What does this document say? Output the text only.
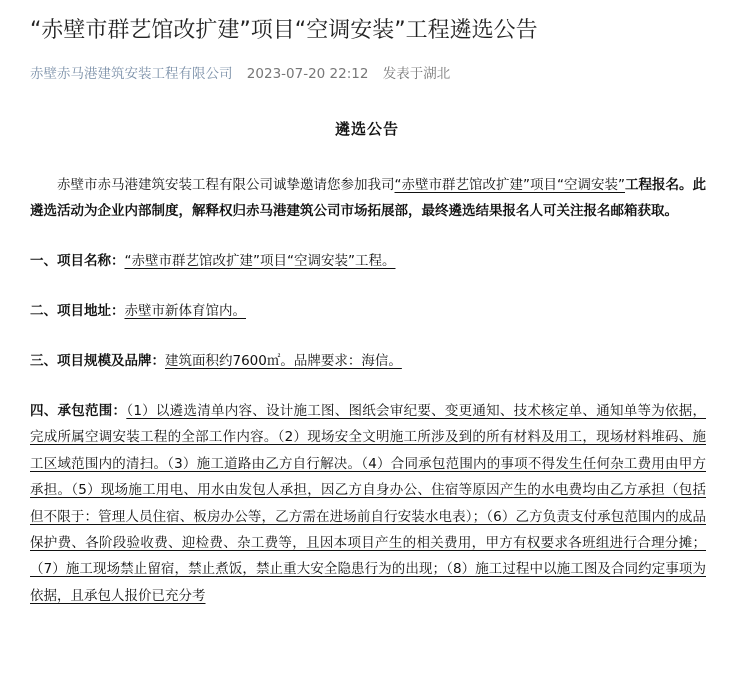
“赤壁市群艺馆改扩建”项目“空调安装”工程遴选公告
赤壁赤马港建筑安装工程有限公司 2023-07-20 22:12 发表于湖北
遴选公告

赤壁市赤马港建筑安装工程有限公司诚挚邀请您参加我司“赤壁市群艺馆改扩建”项目“空调安装”工程报名。此遴选活动为企业内部制度，解释权归赤马港建筑公司市场拓展部，最终遴选结果报名人可关注报名邮箱获取。

一、项目名称：“赤壁市群艺馆改扩建”项目“空调安装”工程。

二、项目地址：赤壁市新体育馆内。

三、项目规模及品牌：建筑面积约7600㎡。品牌要求：海信。

四、承包范围：（1）以遴选清单内容、设计施工图、图纸会审纪要、变更通知、技术核定单、通知单等为依据，完成所属空调安装工程的全部工作内容。（2）现场安全文明施工所涉及到的所有材料及用工，现场材料堆码、施工区域范围内的清扫。（3）施工道路由乙方自行解决。（4）合同承包范围内的事项不得发生任何杂工费用由甲方承担。（5）现场施工用电、用水由发包人承担，因乙方自身办公、住宿等原因产生的水电费均由乙方承担（包括但不限于：管理人员住宿、板房办公等，乙方需在进场前自行安装水电表）；（6）乙方负责支付承包范围内的成品保护费、各阶段验收费、迎检费、杂工费等，且因本项目产生的相关费用，甲方有权要求各班组进行合理分摊；（7）施工现场禁止留宿，禁止煮饭，禁止重大安全隐患行为的出现；（8）施工过程中以施工图及合同约定事项为依据，且承包人报价已充分考
